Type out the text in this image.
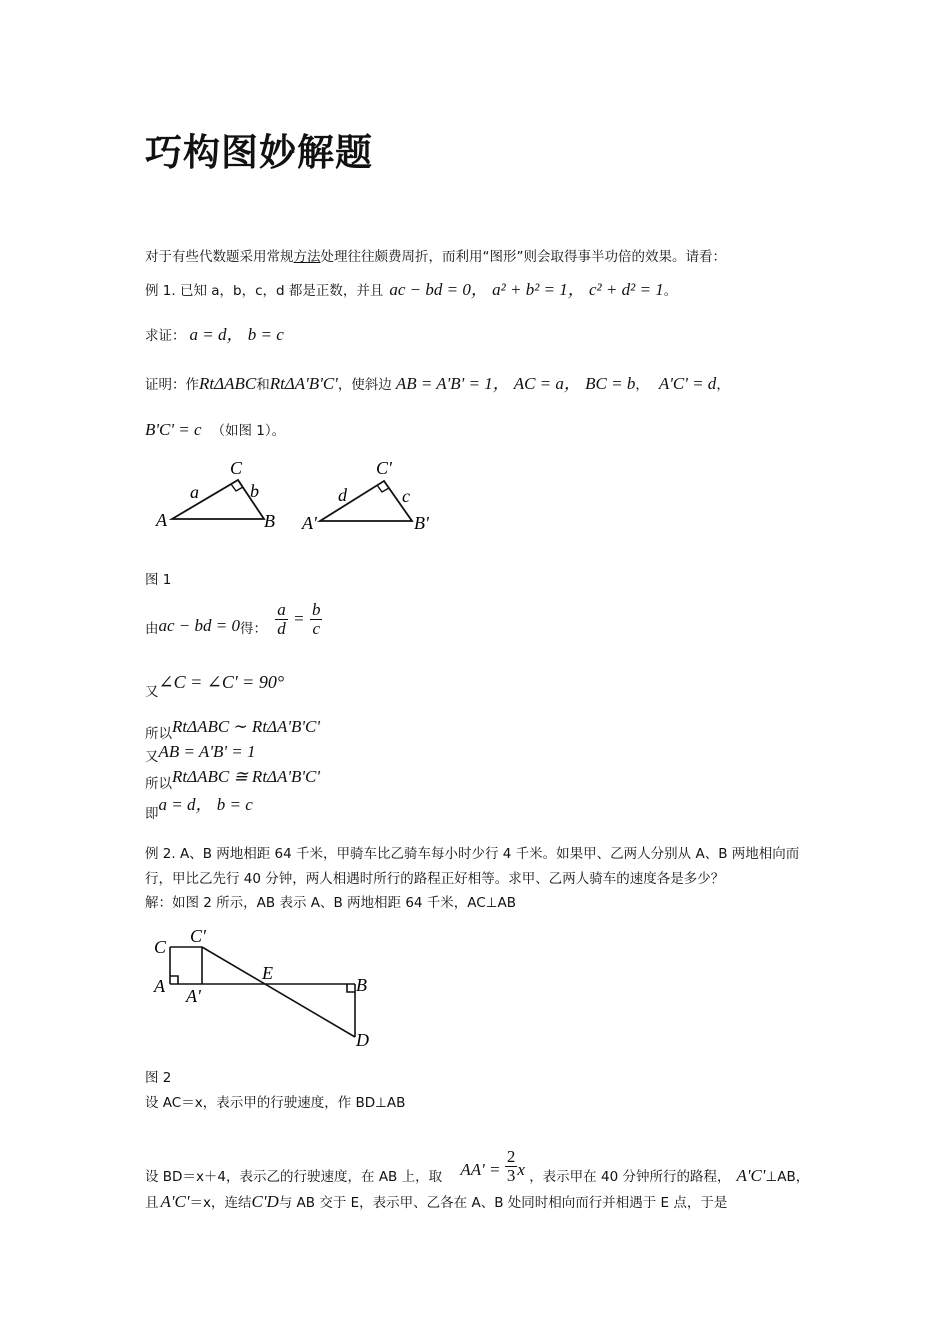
巧构图妙解题
对于有些代数题采用常规方法处理往往颇费周折，而利用“图形”则会取得事半功倍的效果。请看：
例 1. 已知 a，b，c，d 都是正数，并且 ac − bd = 0， a² + b² = 1， c² + d² = 1。
求证： a = d， b = c
证明：作RtΔABC和RtΔA'B'C'，使斜边 AB = A'B' = 1， AC = a， BC = b， A'C' = d，
B'C' = c （如图 1）。
A	B
C
a	b
A'	B'
C'
d	c
图 1
由ac − bd = 0得： $\frac{a}{d} = \frac{b}{c}$
又∠C = ∠C' = 90°
所以RtΔABC ∼ RtΔA'B'C'
又AB = A'B' = 1
所以RtΔABC ≅ RtΔA'B'C'
即a = d， b = c
例 2. A、B 两地相距 64 千米，甲骑车比乙骑车每小时少行 4 千米。如果甲、乙两人分别从 A、B 两地相向而
行，甲比乙先行 40 分钟，两人相遇时所行的路程正好相等。求甲、乙两人骑车的速度各是多少？
解：如图 2 所示，AB 表示 A、B 两地相距 64 千米，AC⊥AB
C
C'
A A'
E
B
D
图 2
设 AC＝x，表示甲的行驶速度，作 BD⊥AB
设 BD＝x＋4，表示乙的行驶速度，在 AB 上，取 $AA' = \frac{2}{3}$ x ，表示甲在 40 分钟所行的路程， A'C'⊥AB，
且 A'C'＝x，连结C'D与 AB 交于 E，表示甲、乙各在 A、B 处同时相向而行并相遇于 E 点，于是
